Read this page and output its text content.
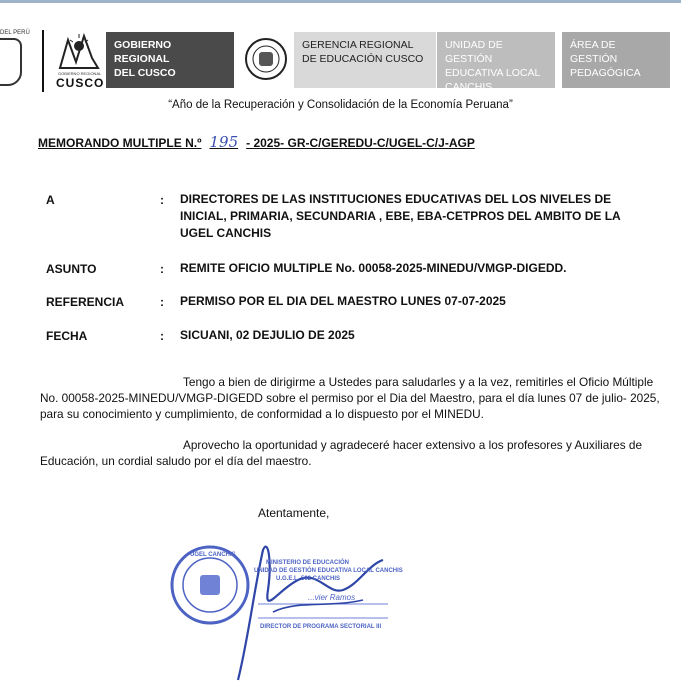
DEL PERÚ
GOBIERNO REGIONAL
CUSCO
GOBIERNO REGIONAL
DEL CUSCO
GERENCIA REGIONAL
DE EDUCACIÓN CUSCO
UNIDAD DE GESTIÓN
EDUCATIVA LOCAL
CANCHIS
ÁREA DE GESTIÓN
PEDAGÓGICA
“Año de la Recuperación y Consolidación de la Economía Peruana”
MEMORANDO MULTIPLE N.º 195 - 2025- GR-C/GEREDU-C/UGEL-C/J-AGP
A	: DIRECTORES DE LAS INSTITUCIONES EDUCATIVAS DEL LOS NIVELES DE INICIAL, PRIMARIA, SECUNDARIA , EBE, EBA-CETPROS DEL AMBITO DE LA UGEL CANCHIS
ASUNTO	: REMITE OFICIO MULTIPLE No. 00058-2025-MINEDU/VMGP-DIGEDD.
REFERENCIA	: PERMISO POR EL DIA DEL MAESTRO LUNES 07-07-2025
FECHA	: SICUANI, 02 DEJULIO DE 2025
Tengo a bien de dirigirme a Ustedes para saludarles y a la vez, remitirles el Oficio Múltiple No. 00058-2025-MINEDU/VMGP-DIGEDD sobre el permiso por el Dia del Maestro, para el día lunes 07 de julio- 2025, para su conocimiento y cumplimiento, de conformidad a lo dispuesto por el MINEDU.
Aprovecho la oportunidad y agradeceré hacer extensivo a los profesores y Auxiliares de Educación, un cordial saludo por el día del maestro.
Atentamente,
UGEL CANCHIS MINISTERIO DE EDUCACIÓN UNIDAD DE GESTIÓN EDUCATIVA LOCAL CANCHIS U.G.E.L. 502 CANCHIS DIRECTOR DE PROGRAMA SECTORIAL III
...vier Ramos
